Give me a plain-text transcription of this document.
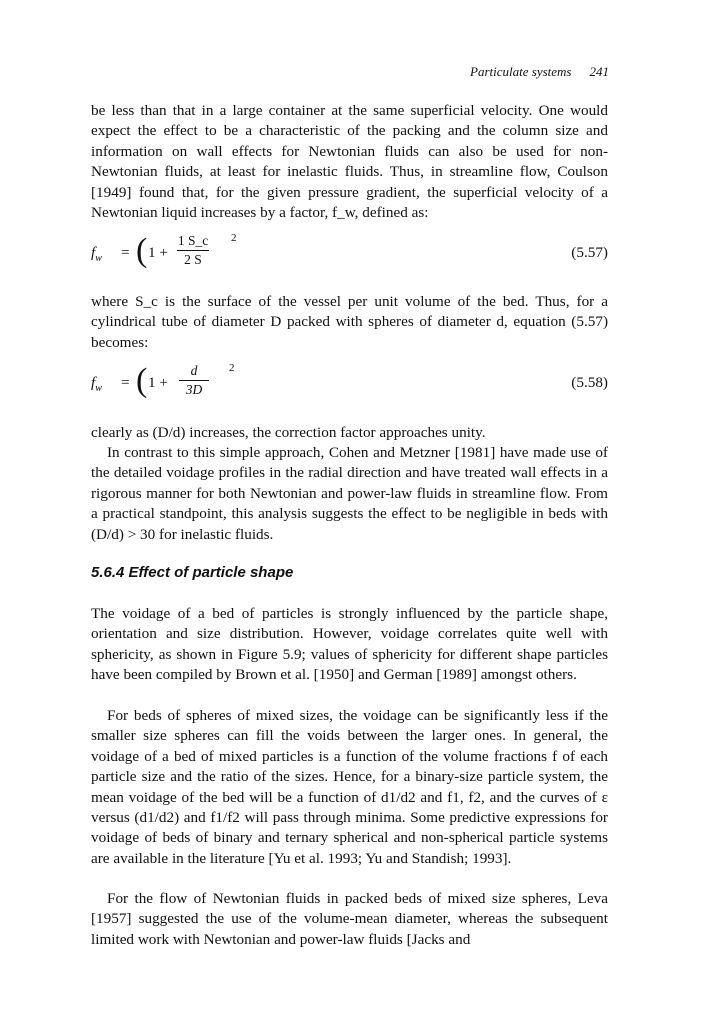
Particulate systems 241

be less than that in a large container at the same superficial velocity. One would expect the effect to be a characteristic of the packing and the column size and information on wall effects for Newtonian fluids can also be used for non-Newtonian fluids, at least for inelastic fluids. Thus, in streamline flow, Coulson [1949] found that, for the given pressure gradient, the superficial velocity of a Newtonian liquid increases by a factor, f_w, defined as:

$f_w$ = ( $1 + \frac{1 S\_c}{2 S} 2$
(5.57)

where S_c is the surface of the vessel per unit volume of the bed. Thus, for a cylindrical tube of diameter D packed with spheres of diameter d, equation (5.57) becomes:

$f_w$ = ( $1 + \frac{d}{3D} 2$
(5.58)

clearly as (D/d) increases, the correction factor approaches unity.

In contrast to this simple approach, Cohen and Metzner [1981] have made use of the detailed voidage profiles in the radial direction and have treated wall effects in a rigorous manner for both Newtonian and power-law fluids in streamline flow. From a practical standpoint, this analysis suggests the effect to be negligible in beds with (D/d) > 30 for inelastic fluids.

5.6.4 Effect of particle shape

The voidage of a bed of particles is strongly influenced by the particle shape, orientation and size distribution. However, voidage correlates quite well with sphericity, as shown in Figure 5.9; values of sphericity for different shape particles have been compiled by Brown et al. [1950] and German [1989] amongst others.

For beds of spheres of mixed sizes, the voidage can be significantly less if the smaller size spheres can fill the voids between the larger ones. In general, the voidage of a bed of mixed particles is a function of the volume fractions f of each particle size and the ratio of the sizes. Hence, for a binary-size particle system, the mean voidage of the bed will be a function of d1/d2 and f1, f2, and the curves of ε versus (d1/d2) and f1/f2 will pass through minima. Some predictive expressions for voidage of beds of binary and ternary spherical and non-spherical particle systems are available in the literature [Yu et al. 1993; Yu and Standish; 1993].

For the flow of Newtonian fluids in packed beds of mixed size spheres, Leva [1957] suggested the use of the volume-mean diameter, whereas the subsequent limited work with Newtonian and power-law fluids [Jacks and
